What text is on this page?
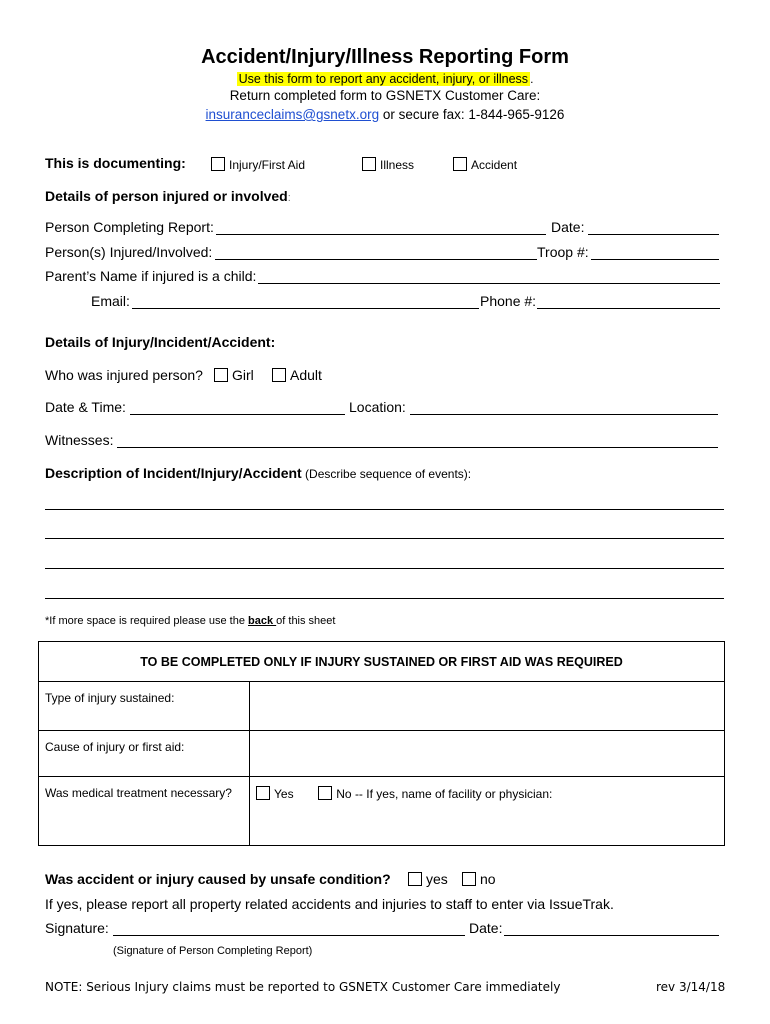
Accident/Injury/Illness Reporting Form
Use this form to report any accident, injury, or illness .
Return completed form to GSNETX Customer Care:
insuranceclaims@gsnetx.org or secure fax: 1-844-965-9126
This is documenting:	Injury/First Aid	Illness	Accident
Details of person injured or involved:
Person Completing Report:	Date:
Person(s) Injured/Involved:	Troop #:
Parent’s Name if injured is a child:
Email:	Phone #:
Details of Injury/Incident/Accident:
Who was injured person?	Girl	Adult
Date & Time:	Location:
Witnesses:
Description of Incident/Injury/Accident (Describe sequence of events):
*If more space is required please use the back of this sheet
TO BE COMPLETED ONLY IF INJURY SUSTAINED OR FIRST AID WAS REQUIRED	
Type of injury sustained:	
Cause of injury or first aid:	
Was medical treatment necessary?	Yes No -- If yes, name of facility or physician:
Was accident or injury caused by unsafe condition?	yes	no
If yes, please report all property related accidents and injuries to staff to enter via IssueTrak.
Signature:	Date:
(Signature of Person Completing Report)
NOTE: Serious Injury claims must be reported to GSNETX Customer Care immediately	rev 3/14/18
